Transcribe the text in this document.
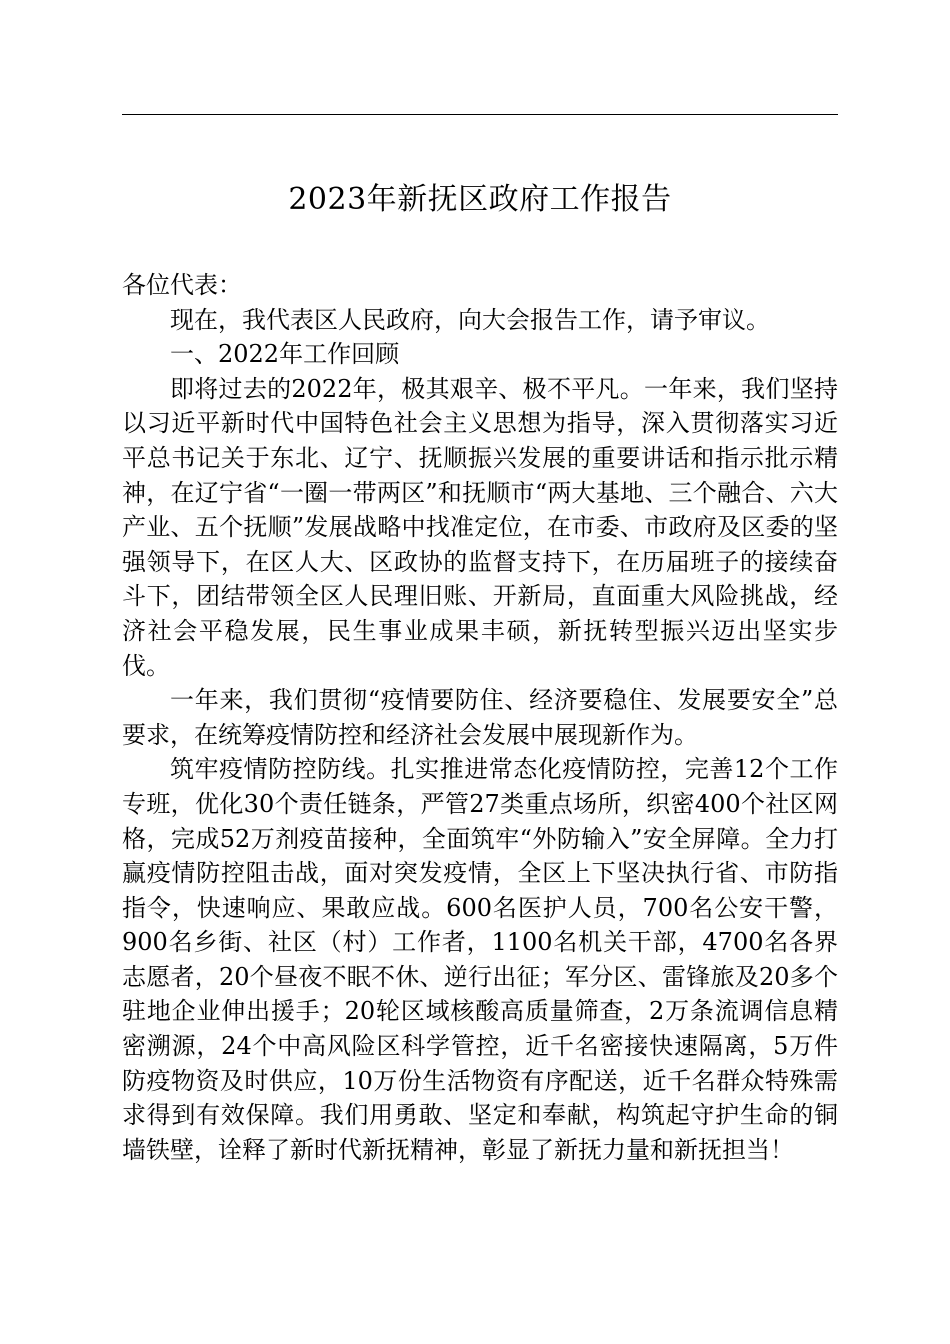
2023年新抚区政府工作报告

各位代表：

现在，我代表区人民政府，向大会报告工作，请予审议。

一、2022年工作回顾

即将过去的2022年，极其艰辛、极不平凡。一年来，我们坚持以习近平新时代中国特色社会主义思想为指导，深入贯彻落实习近平总书记关于东北、辽宁、抚顺振兴发展的重要讲话和指示批示精神，在辽宁省“一圈一带两区”和抚顺市“两大基地、三个融合、六大产业、五个抚顺”发展战略中找准定位，在市委、市政府及区委的坚强领导下，在区人大、区政协的监督支持下，在历届班子的接续奋斗下，团结带领全区人民理旧账、开新局，直面重大风险挑战，经济社会平稳发展，民生事业成果丰硕，新抚转型振兴迈出坚实步伐。

一年来，我们贯彻“疫情要防住、经济要稳住、发展要安全”总要求，在统筹疫情防控和经济社会发展中展现新作为。

筑牢疫情防控防线。扎实推进常态化疫情防控，完善12个工作专班，优化30个责任链条，严管27类重点场所，织密400个社区网格，完成52万剂疫苗接种，全面筑牢“外防输入”安全屏障。全力打赢疫情防控阻击战，面对突发疫情，全区上下坚决执行省、市防指指令，快速响应、果敢应战。600名医护人员，700名公安干警，900名乡街、社区（村）工作者，1100名机关干部，4700名各界志愿者，20个昼夜不眠不休、逆行出征；军分区、雷锋旅及20多个驻地企业伸出援手；20轮区域核酸高质量筛查，2万条流调信息精密溯源，24个中高风险区科学管控，近千名密接快速隔离，5万件防疫物资及时供应，10万份生活物资有序配送，近千名群众特殊需求得到有效保障。我们用勇敢、坚定和奉献，构筑起守护生命的铜墙铁壁，诠释了新时代新抚精神，彰显了新抚力量和新抚担当！
